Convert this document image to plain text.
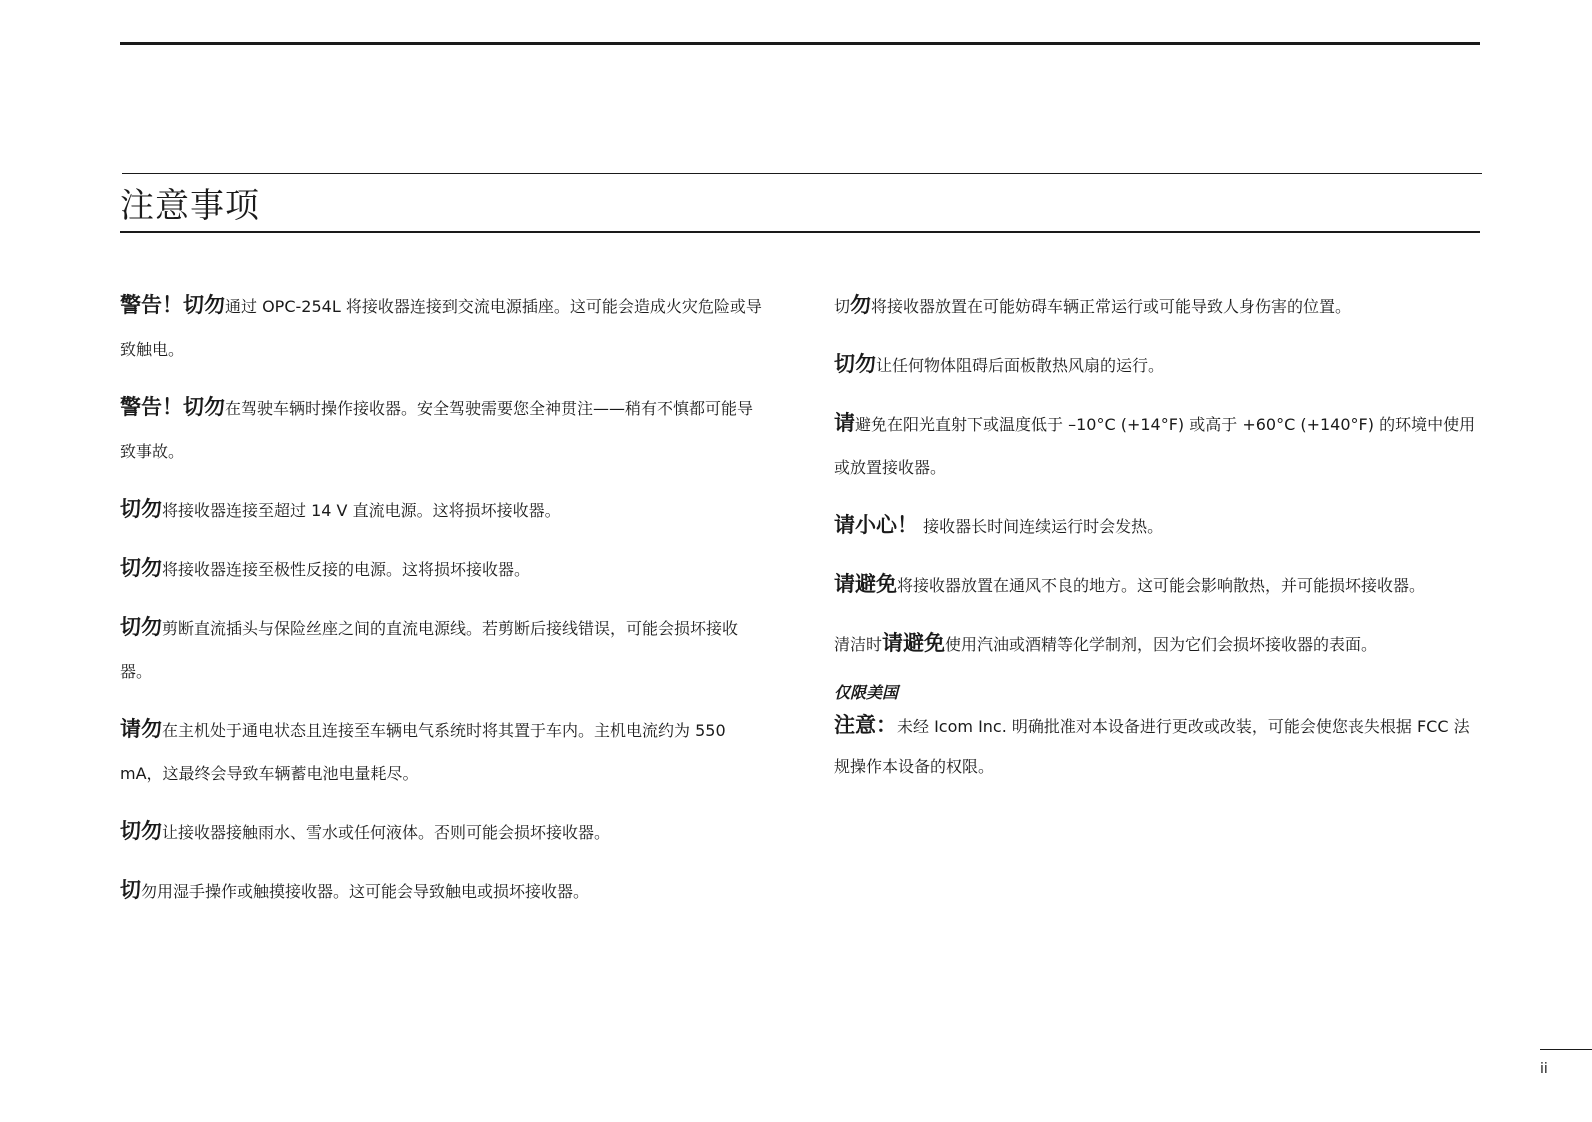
注意事项

警告！切勿通过 OPC-254L 将接收器连接到交流电源插座。这可能会造成火灾危险或导致触电。

警告！切勿在驾驶车辆时操作接收器。安全驾驶需要您全神贯注——稍有不慎都可能导致事故。

切勿将接收器连接至超过 14 V 直流电源。这将损坏接收器。

切勿将接收器连接至极性反接的电源。这将损坏接收器。

切勿剪断直流插头与保险丝座之间的直流电源线。若剪断后接线错误，可能会损坏接收器。

请勿在主机处于通电状态且连接至车辆电气系统时将其置于车内。主机电流约为 550 mA，这最终会导致车辆蓄电池电量耗尽。

切勿让接收器接触雨水、雪水或任何液体。否则可能会损坏接收器。

切勿用湿手操作或触摸接收器。这可能会导致触电或损坏接收器。

切勿将接收器放置在可能妨碍车辆正常运行或可能导致人身伤害的位置。

切勿让任何物体阻碍后面板散热风扇的运行。

请避免在阳光直射下或温度低于 –10°C (+14°F) 或高于 +60°C (+140°F) 的环境中使用或放置接收器。

请小心！ 接收器长时间连续运行时会发热。

请避免将接收器放置在通风不良的地方。这可能会影响散热，并可能损坏接收器。

清洁时请避免使用汽油或酒精等化学制剂，因为它们会损坏接收器的表面。

仅限美国

注意：未经 Icom Inc. 明确批准对本设备进行更改或改装，可能会使您丧失根据 FCC 法规操作本设备的权限。

ii
